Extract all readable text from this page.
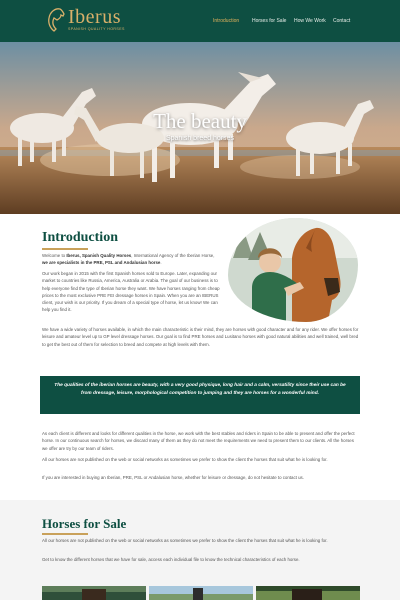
Iberus
SPANISH QUALITY HORSES
Introduction	Horses for Sale How We Work Contact
The beauty
Spanish breed horses
Introduction

Welcome to Iberus, Spanish Quality Horses, International Agency of the Iberian Horse, we are specialists in the PRE, PSL and Andalusian horse.

Our work began in 2015 with the first Spanish horses sold to Europe. Later, expanding our market to countries like Russia, America, Australia or Arabia. The goal of our business is to help everyone find the type of Iberian horse they want. We have horses ranging from cheap prices to the most exclusive PRE FEI dressage horses in Spain. When you are an IBERUS client, your wish is our priority. If you dream of a special type of horse, let us know! We can help you find it.

We have a wide variety of horses available, in which the main characteristic is their mind, they are horses with good character and for any rider. We offer horses for leisure and amateur level up to GP level dressage horses. Our goal is to find PRE horses and Lusitano horses with good natural abilities and well trained, well bred to get the best out of them for selection to breed and compete at high levels with them.

The qualities of the iberian horses are beauty, with a very good physique, long hair and a calm, versatility since their use can be from dressage, leisure, morphological competition to jumping and they are horses for a wonderful mind.

As each client is different and looks for different qualities in the horse, we work with the best stables and riders in Spain to be able to present and offer the perfect horse. In our continuous search for horses, we discard many of them as they do not meet the requirements we need to present them to our clients. All the horses we offer are try by our team of riders.

All our horses are not published on the web or social networks as sometimes we prefer to show the client the horses that suit what he is looking for.

If you are interested in buying an Iberian, PRE, PSL or Andalusian horse, whether for leisure or dressage, do not hesitate to contact us.

Horses for Sale

All our horses are not published on the web or social networks as sometimes we prefer to show the client the horses that suit what he is looking for.

Get to know the different horses that we have for sale, access each individual file to know the technical characteristics of each horse.
